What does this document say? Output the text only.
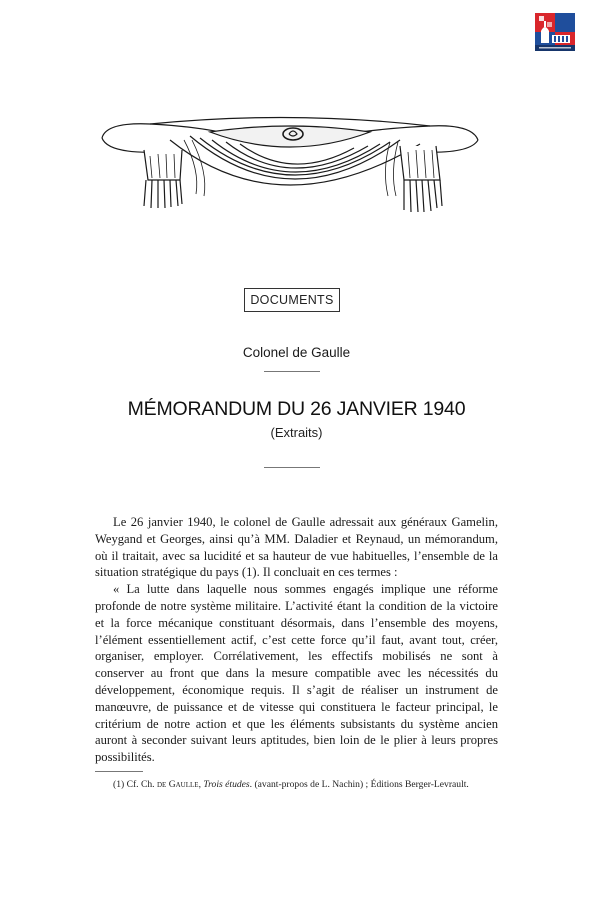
DOCUMENTS
Colonel de Gaulle
MÉMORANDUM DU 26 JANVIER 1940
(Extraits)

Le 26 janvier 1940, le colonel de Gaulle adressait aux généraux Gamelin, Weygand et Georges, ainsi qu’à MM. Daladier et Reynaud, un mémorandum, où il traitait, avec sa lucidité et sa hauteur de vue habituelles, l’ensemble de la situation stratégique du pays (1). Il concluait en ces termes :

« La lutte dans laquelle nous sommes engagés implique une réforme profonde de notre système militaire. L’activité étant la condition de la victoire et la force mécanique constituant désormais, dans l’ensemble des moyens, l’élément essentiellement actif, c’est cette force qu’il faut, avant tout, créer, organiser, employer. Corrélativement, les effectifs mobilisés ne sont à conserver au front que dans la mesure compatible avec les nécessités du développement, économique requis. Il s’agit de réaliser un instrument de manœuvre, de puissance et de vitesse qui constituera le facteur principal, le critérium de notre action et que les éléments subsistants du système ancien auront à seconder suivant leurs aptitudes, bien loin de le plier à leurs propres possibilités.

(1) Cf. Ch. de Gaulle, Trois études. (avant-propos de L. Nachin) ; Éditions Berger-Levrault.
